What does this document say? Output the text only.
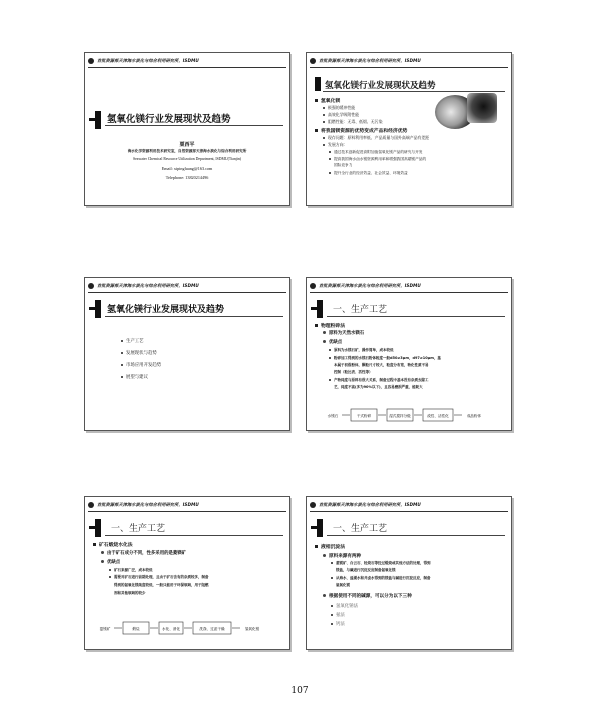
首批资源部天津海水淡化与综合利用研究所，ISDMU
氢氧化镁行业发展现状及趋势
粟西平
海水化学资源利用技术研究室，自然资源部天津海水淡化与综合利用研究所
Seawater Chemical Resource Utilization Department, ISDMU(Tianjin)
Email: xipingluang@163.com
Telephone: 13820214496
首批资源部天津海水淡化与综合利用研究所，ISDMU
氢氧化镁行业发展现状及趋势
氢氧化镁
极强的缓冲性能
高效化学吸附性能
阻燃性能：无毒、低烟、无污染
将我国镁资源的优势变成产品和经济优势
现存问题：原料利用率低、产品质量与国外高端产品有差距
发展方向：
通过技术创新促进高附加值氢氧化镁产品的研究与开发
提高我国海水卤水镁资源利用率和增强我国高端镁产品的
国际竞争力
提升全行业的经济效益、社会效益、环境效益
首批资源部天津海水淡化与综合利用研究所，ISDMU
氢氧化镁行业发展现状及趋势
生产工艺
发展现状与趋势
市场应用开发趋势
展望与建议
首批资源部天津海水淡化与综合利用研究所，ISDMU
一、生产工艺
物理粉碎法
原料为天然水镁石
优缺点
原料为水镁石矿，操作简单，成本较低
粉碎加工得到的水镁石粉体粒度一般d50≥3μm，d97≥10μm，基
本属于初级粉体，颗粒尺寸较大，粒度分布宽，物化性质不易
控制（粒比表、活性等）
产物纯度与原料有很大关系，制备过程中基本没有杂质去除工
艺，纯度不高(多为90%以下)，且容易磨损严重，能耗大
水镁石	干式粉碎	湿式搅拌分级	改性、活性化	成品粉体
首批资源部天津海水淡化与综合利用研究所，ISDMU
一、生产工艺
矿石煅烧水化法
由于矿石成分不同，性多采用的是菱镁矿
优缺点
矿石来源广泛，成本较低
需要对矿石进行前期处理，且由于矿石含有的杂质较多，制备
得到的氢氧化镁纯度较低，一般只能用于环保领域，用于阻燃
剂和其他领域的较少
菱镁矿	煅烧	水化、消化	洗涤、过滤干燥	氢氧化镁
首批资源部天津海水淡化与综合利用研究所，ISDMU
一、生产工艺
液相沉淀法
原料来源有两种
菱镁矿、白云石、轻烧石等经过煅烧或其他方法的处理，得到
镁盐，与碱进行沉淀反应制备氢氧化镁
从海水、盐湖水和井卤水得到的镁盐与碱进行沉淀反应，制备
氢氧化镁
根据使用不同的碱源，可以分为以下三种
氢氧化钠法
氨法
钙法
107
